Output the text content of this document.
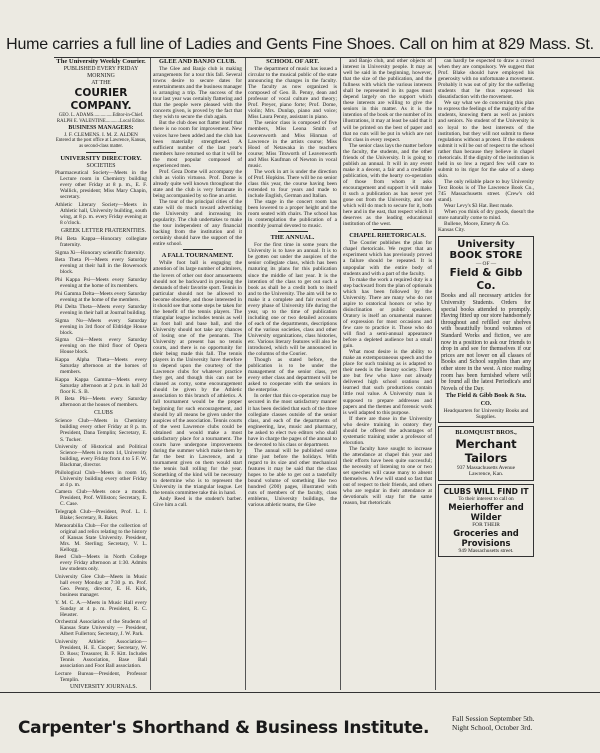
Hume carries a full line of Ladies and Gents Fine Shoes. Call on him at 829 Mass. St.

The University Weekly Courier.

PUBLISHED EVERY FRIDAY MORNING

AT THE

COURIER COMPANY.

GEO. L. ADAMS................Editor-in-Chief.
RALPH E. VALENTINE............Local Editor.

BUSINESS MANAGERS:

J. F. CLEMENS. I. M. Z. ALDEN

Entered at the post office at Lawrence, Kansas, as second-class matter.

UNIVERSITY DIRECTORY.

SOCIETIES

Pharmaceutical Society—Meets in the Lecture room in Chemistry building every other Friday at 8 p. m., E. F. Wallick, president; Miss Mary Chapin, secretary.

Athletic Literary Society—Meets in Athletic hall, University building, south wing, at 8 p. m. every Friday evening at 8 o'clock.

GREEK LETTER FRATERNITIES.

Phi Beta Kappa—Honorary collegiate fraternity.

Sigma Xi—Honorary scientific fraternity.

Beta Theta Pi—Meets every Saturday evening at their hall in the Bowersock block.

Phi Kappa Psi—Meets every Saturday evening at the home of its members.

Phi Gamma Delta—Meets every Saturday evening at the home of the members.

Phi Delta Theta—Meets every Saturday evening in their hall at Journal building.

Sigma Nu—Meets every Saturday evening in 3rd floor of Eldridge House block.

Sigma Chi—Meets every Saturday evening on the third floor of Opera House block.

Kappa Alpha Theta—Meets every Saturday afternoon at the homes of members.

Kappa Kappa Gamma—Meets every Saturday afternoon at 2 p.m. in hall 2d floor K. S. B.

Pi Beta Phi—Meets every Saturday afternoon at the houses of members.

CLUBS

Science Club—Meets in Chemistry building every other Friday at 8 p. m. President, Dana Templin; Secretary, E. S. Tucker.

University of Historical and Political Science—Meets in room 14, University building, every Friday from 4 to 5 F. W. Blackmar, director.

Philological Club—Meets in room 16, University building every other Friday at 4 p. m.

Camera Club—Meets once a month. President, Prof. Williston; Secretary, E. C. Case.

Telegraph Club—President, Prof. L. I. Blake; Secretary, R. Baker.

Memorabilia Club—For the collection of original and relics relating to the history of Kansas State University. President, Mrs. M. Sterling; Secretary, V. L. Kellogg.

Reed Club—Meets in North College every Friday afternoon at 1:30. Admits law students only.

University Glee Club—Meets in Music hall every Monday at 7:30 p. m. Prof. Geo. Penny, director, E. H. Kirk, business manager.

Y. M. C. A.—Meets in Music Hall every Sunday at 4 p. m. President, R. C. Heuster.

Orchestral Association of the Students of Kansas State University — President, Albert Fullerton; Secretary, J. W. Park.

University Athletic Association—President, H. E. Cooper; Secretary, W. D. Ross; Treasurer, B. F. Kitt. Includes Tennis Association, Base Ball association and Foot Ball association.

Lecture Bureau—President, Professor Templin.

UNIVERSITY JOURNALS.

GLEE AND BANJO CLUB.

The Glee and Banjo club is making arrangements for a tour this fall. Several towns desire to secure dates for entertainments and the business manager is arranging a trip. The success of the tour last year was certainly flattering and that the people were pleased with the concerts given, is proved by the fact that they wish to secure the club again.

But the club does not flatter itself that there is no room for improvement. New voices have been added and the club has been materially strengthened. A sufficient number of the last year's members have returned so that it will be the most popular composed of experienced men.

Prof. Geza Dome will accompany the club as violin virtuoso. Prof. Dome is already quite well known throughout the state and the club is very fortunate in being accompanied by so fine an artist.

The tour of the principal cities of the state will do much toward advertising the University and increasing its popularity. The club undertakes to make the tour independent of any financial backing from the institution and it certainly should have the support of the entire school.

A FALL TOURNAMENT.

While foot ball is engaging the attention of its large number of admirers, the lovers of other out door amusements should not be backward in pressing the demands of their favorite sport. Tennis in particular should not be allowed to become obsolete, and those interested in it should see that some steps be taken for the benefit of the tennis players. The triangular league includes tennis as well as foot ball and base ball, and the University should not take any chances of losing one of the pennants. The University at present has no tennis courts, and there is no opportunity for their being made this fall. The tennis players in the University have therefore to depend upon the courtesy of the Lawrence clubs for whatever practice they get, and though this can not be classed as corny, some encouragement should be given by the Athletic association to this branch of athletics. A fall tournament would be the proper beginning for such encouragement, and should by all means be given under the auspices of the association. Tennis courts of the west Lawrence clubs could be obtained and would make a most satisfactory place for a tournament. The courts have undergone improvements during the summer which make them by far the best in Lawrence, and a tournament given on them would start the tennis ball rolling for the year. Something of the kind will be necessary to determine who is to represent the University in the triangular league. Let the tennis committee take this in hand.

Andy Reed is the student's barber. Give him a call.

SCHOOL OF ART.

The department of music has issued a circular to the musical public of the state announcing the changes in the faculty. The faculty as now organized is composed of Geo. B. Penny, dean and professor of vocal culture and theory; Prof. Preyer, piano forte; Prof. Dome, violin; Mrs. Dunlap, piano and voice; Miss Laura Penny, assistant in piano.

The senior class is composed of five members, Miss Leona Smith of Leavenworth and Miss Hinman of Lawrence in the artists course; Miss Hood of Netawaka in the teachers course; Miss Titsworth of Leavenworth and Miss Kaufman of Newton in vocal music.

The work in art is under the direction of Prof. Hopkins. There will be no senior class this year, the course having been extended to four years and made to include English, German and Italian.

The stage in the concert room has been lowered to a proper height and the room seated with chairs. The school has in contemplation the publication of a monthly journal devoted to music.

THE ANNUAL.

For the first time in some years the University is to have an annual. It is to be gotten out under the auspices of the senior collegiate class, which has been maturing its plans for this publication since the middle of last year. It is the intention of the class to get out such a book as shall be a credit both to itself and to the University. The aim will be to make it a complete and fair record of every phase of University life during the year, up to the time of publication including one or two detailed accounts of each of the departments, descriptions of the various societies, class and other University organizations, class histories, etc. Various literary features will also be introduced, which will be announced in the columns of the Courier.

Though as stated before, the publication is to be under the management of the senior class, yet every other class and department will be asked to cooperate with the seniors in the enterprise.

In order that this co-operation may be secured in the most satisfactory manner it has been decided that each of the three collegiate classes outside of the senior class, and each of the departments of engineering, law, music and pharmacy, be asked to elect two editors who shall have in charge the pages of the annual to be devoted to his class or department.

The annual will be published some time just before the holidays. With regard to its size and other mechanical features it may be said that the class hopes to be able to get out a tastefully bound volume of something like two hundred (200) pages, illustrated with cuts of members of the faculty, class emblems, University buildings, the various athletic teams, the Glee

and Banjo club, and other objects of interest in University people. It may as well be said in the beginning, however, that the size of the publication, and the fullness with which the various interests shall be represented in its pages must depend largely on the support which these interests are willing to give the seniors in this matter. As it is the intention of the book or the number of its illustrations, it may at least be said that it will be printed on the best of paper and that no cuts will be put in which are not first class in every respect.

The senior class lays the matter before the faculty, the students, and the other friends of the University. It is going to publish an annual. It will in any event make it a decent, a fair and a creditable publication, with the hearty co-operation of those from whom it asks encouragement and support it will make it such a publication as has never yet gone out from the University, and one which will do much to secure for it, both here and in the east, that respect which it deserves as the leading educational institution of the west.

CHAPEL RHETORICALS.

The Courier publishes the plan for chapel rhetoricals. We regret that an experiment which has previously proved a failure should be repeated. It is unpopular with the entire body of students and with a part of the faculty.

To make the work a required duty is a step backward from the plan of optionals which has been followed by the University. There are many who do not aspire to oratorical honors or who by disinclination or public speakers. Oratory is itself an ornamental manner of expression for most occasions and few care to practice it. Those who do will find a semi-annual appearance before a depleted audience but a small gain.

What most desire is the ability to make an extemporaneous speech and the place for such training as is adapted to their needs is the literary society. There are but few who have not already delivered high school orations and learned that such productions contain little real value. A University man is supposed to prepare addresses and papers and the themes and forensic work is well adapted to this purpose.

If there are those in the University who desire training in oratory they should be offered the advantages of systematic training under a professor of elocution.

The faculty have sought to increase the attendance at chapel this year and their efforts have been quite successful; the necessity of listening to one or two set speeches will cause many to absent themselves. A few will stand so fast that out of respect to their friends, and others who are regular in their attendance at devotionals will stay for the same reason, but rhetoricals

can hardly be expected to draw a crowd when they are compulsory. We suggest that Prof. Blake should have employed his generosity with no unfortunate a movement. Probably it was out of pity for the suffering students that he thus expressed his dissatisfaction with the movement.

We say what we do concerning this plan to express the feelings of the majority of the students, knowing them as well as juniors and seniors. No student of the University is so loyal to the best interests of the institution, but they will not submit to these regulations without a protest. If the students submit it will be out of respect to the school rather than because they believe in chapel rhetoricals. If the dignity of the institution is held in so low a regard few will care to submit to its rigor for the sake of a sheep skin.

The only reliable place to buy University Text Books is of The Lawrence Book Co., 745 Massachusetts street. (Crew's old stand).

Wear Levy's $3 Hat. Best made.

When you think of dry goods, doesn't the store naturally come to mind.

Bullene, Moore, Emery & Co.
Kansas City.

University BOOK STORE

— OF —

Field & Gibb Co.

Books and all necessary articles for University Students. Orders for special books attended to promptly. Having fitted up our store handsomely throughout and refilled our shelves with beautifully bound volumes of Standard Works and fiction, we are now in a position to ask our friends to drop in and see for themselves if our prices are not lower on all classes of Books and School supplies than any other store in the west. A nice reading room has been furnished where will be found all the latest Periodica's and Novels of the Day.

The Field & Gibb Book & Sta. CO.

Headquarters for University Books and Supplies.

BLOMQUIST BROS.,

Merchant Tailors

937 Massachusetts Avenue
Lawrence, Kan.

CLUBS WILL FIND IT

To their interest to call on

Meierhoffer and Wilder

FOR THEIR

Groceries and Provisions

949 Massachusetts street.

Carpenter's Shorthand & Business Institute.	Fall Session September 5th.
Night School, October 3rd.
